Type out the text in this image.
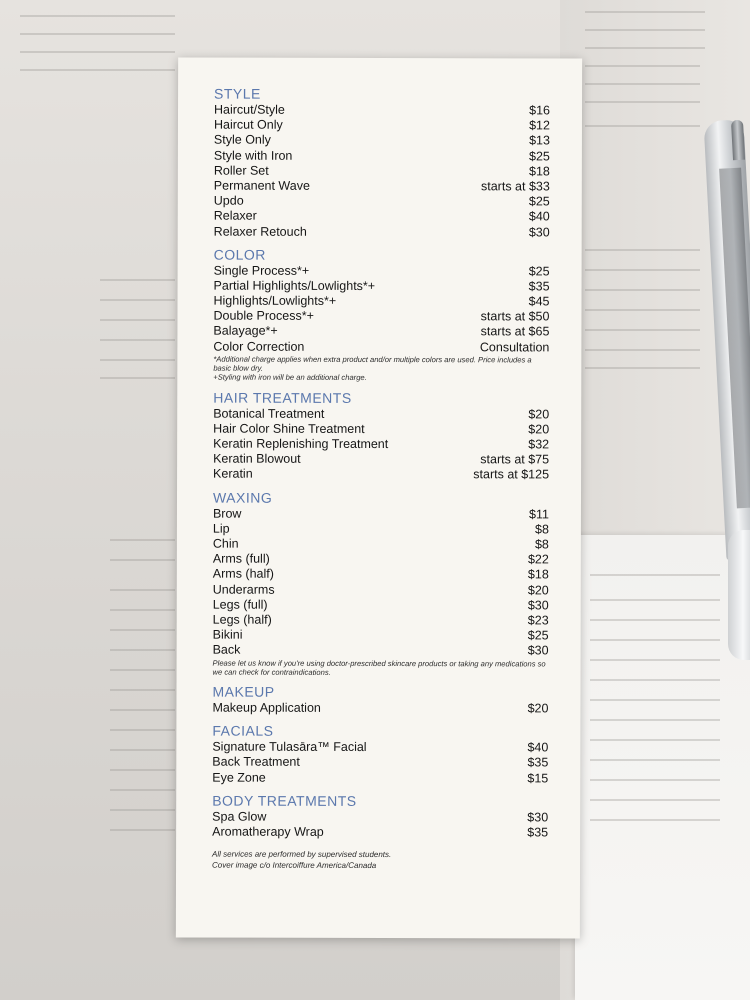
STYLE
Haircut/Style	$16
Haircut Only	$12
Style Only	$13
Style with Iron	$25
Roller Set	$18
Permanent Wave	starts at $33
Updo	$25
Relaxer	$40
Relaxer Retouch	$30
COLOR
Single Process*+	$25
Partial Highlights/Lowlights*+	$35
Highlights/Lowlights*+	$45
Double Process*+	starts at $50
Balayage*+	starts at $65
Color Correction	Consultation
*Additional charge applies when extra product and/or multiple colors are used. Price includes a basic blow dry.
+Styling with iron will be an additional charge.
HAIR TREATMENTS
Botanical Treatment	$20
Hair Color Shine Treatment	$20
Keratin Replenishing Treatment	$32
Keratin Blowout	starts at $75
Keratin	starts at $125
WAXING
Brow	$11
Lip	$8
Chin	$8
Arms (full)	$22
Arms (half)	$18
Underarms	$20
Legs (full)	$30
Legs (half)	$23
Bikini	$25
Back	$30
Please let us know if you're using doctor-prescribed skincare products or taking any medications so we can check for contraindications.
MAKEUP
Makeup Application	$20
FACIALS
Signature Tulasāra™ Facial	$40
Back Treatment	$35
Eye Zone	$15
BODY TREATMENTS
Spa Glow	$30
Aromatherapy Wrap	$35
All services are performed by supervised students.
Cover image c/o Intercoiffure America/Canada
